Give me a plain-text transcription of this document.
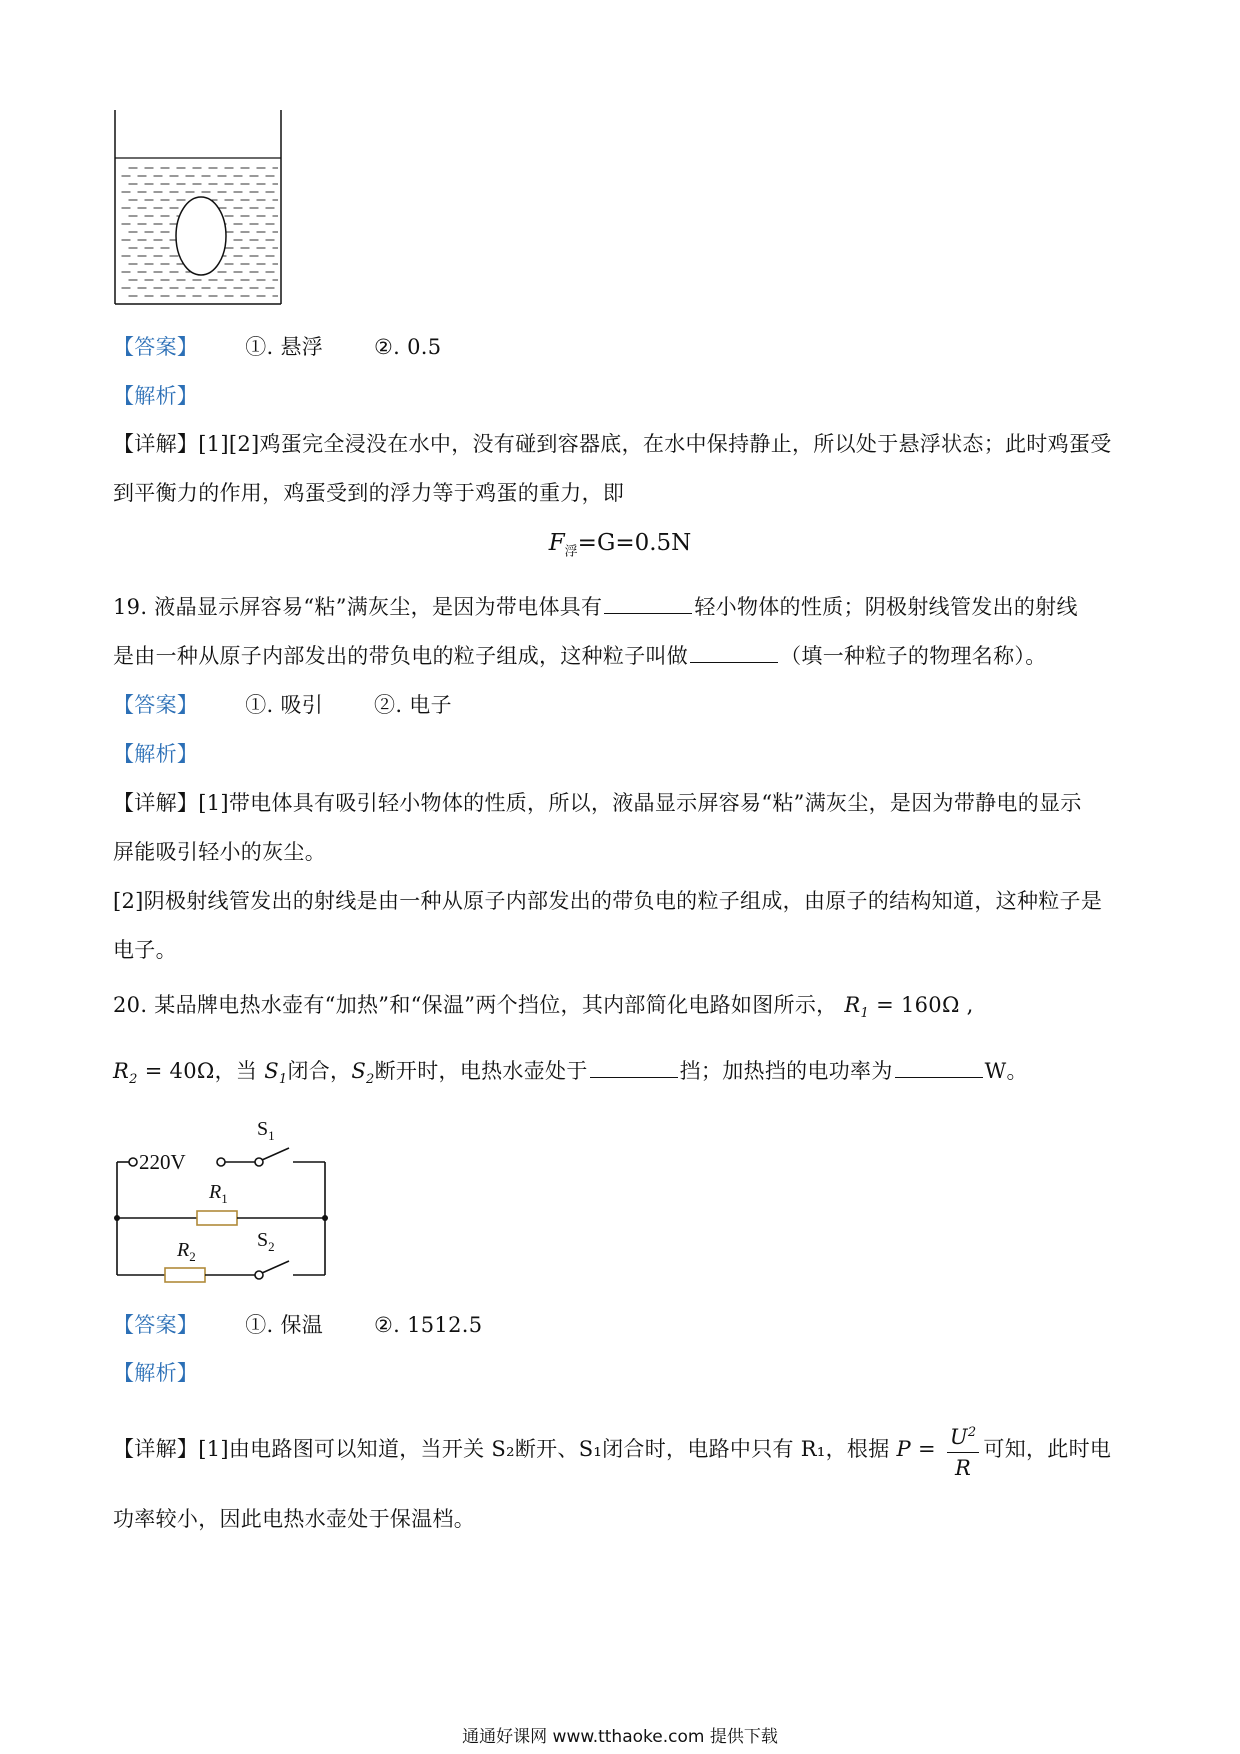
【答案】 ①. 悬浮 ②. 0.5
【解析】
【详解】[1][2]鸡蛋完全浸没在水中，没有碰到容器底，在水中保持静止，所以处于悬浮状态；此时鸡蛋受
到平衡力的作用，鸡蛋受到的浮力等于鸡蛋的重力，即
$F_浮=G=0.5N$
19. 液晶显示屏容易“粘”满灰尘，是因为带电体具有	轻小物体的性质；阴极射线管发出的射线
是由一种从原子内部发出的带负电的粒子组成，这种粒子叫做	（填一种粒子的物理名称）。
【答案】 ①. 吸引 ②. 电子
【解析】
【详解】[1]带电体具有吸引轻小物体的性质，所以，液晶显示屏容易“粘”满灰尘，是因为带静电的显示
屏能吸引轻小的灰尘。
[2]阴极射线管发出的射线是由一种从原子内部发出的带负电的粒子组成，由原子的结构知道，这种粒子是
电子。
20. 某品牌电热水壶有“加热”和“保温”两个挡位，其内部简化电路如图所示， $R_1 = 160\Omega$ ,
$R_2 = 40\Omega$，当 $S_1$闭合，$S_2$断开时，电热水壶处于	挡；加热挡的电功率为	W。
220V
$S_1$
$R_1$
$R_2$
$S_2$
【答案】 ①. 保温 ②. 1512.5
【解析】
【详解】[1]由电路图可以知道，当开关 S₂断开、S₁闭合时，电路中只有 R₁，根据 $P = \frac{U^2}{R}$ 可知，此时电
功率较小，因此电热水壶处于保温档。
通通好课网 www.tthaoke.com 提供下载
